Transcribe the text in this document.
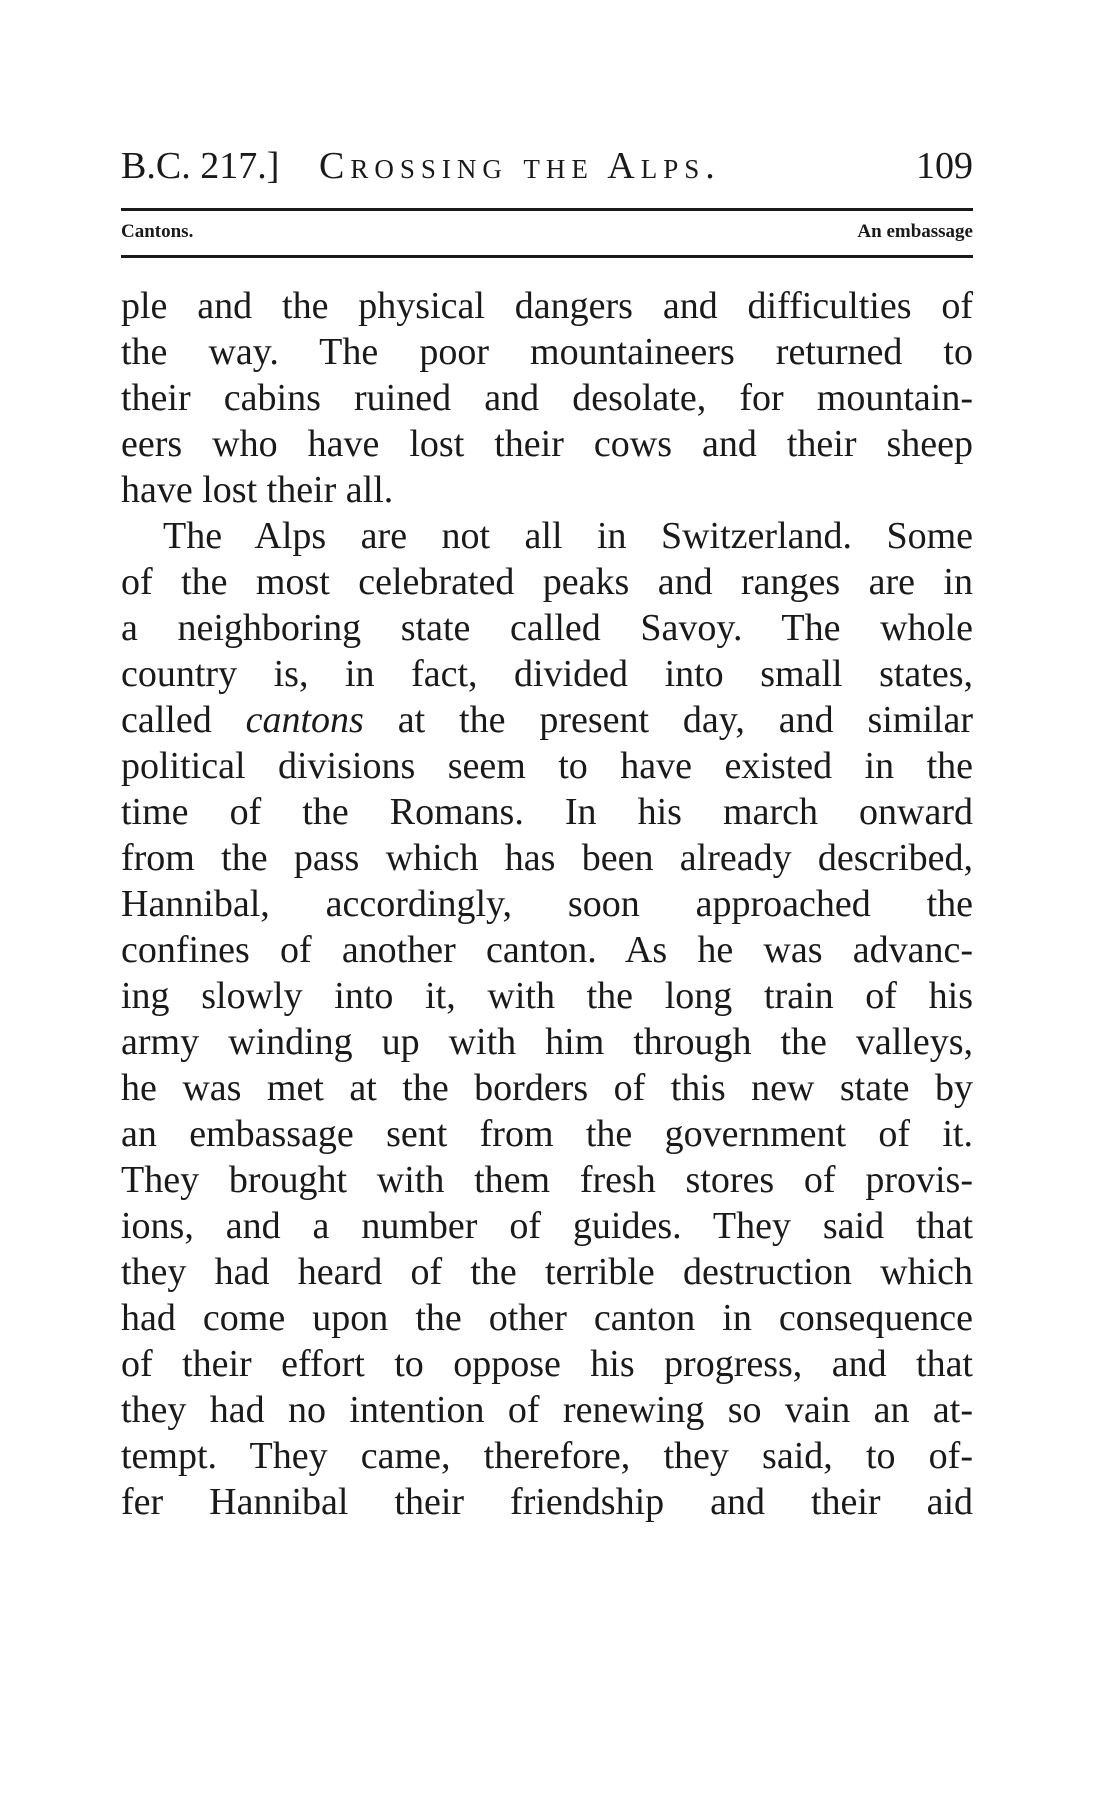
B.C. 217.] Crossing the Alps.	109
Cantons.	An embassage
ple and the physical dangers and difficulties of
the way. The poor mountaineers returned to
their cabins ruined and desolate, for mountain-
eers who have lost their cows and their sheep
have lost their all.
The Alps are not all in Switzerland. Some
of the most celebrated peaks and ranges are in
a neighboring state called Savoy. The whole
country is, in fact, divided into small states,
called cantons at the present day, and similar
political divisions seem to have existed in the
time of the Romans. In his march onward
from the pass which has been already described,
Hannibal, accordingly, soon approached the
confines of another canton. As he was advanc-
ing slowly into it, with the long train of his
army winding up with him through the valleys,
he was met at the borders of this new state by
an embassage sent from the government of it.
They brought with them fresh stores of provis-
ions, and a number of guides. They said that
they had heard of the terrible destruction which
had come upon the other canton in consequence
of their effort to oppose his progress, and that
they had no intention of renewing so vain an at-
tempt. They came, therefore, they said, to of-
fer Hannibal their friendship and their aid
